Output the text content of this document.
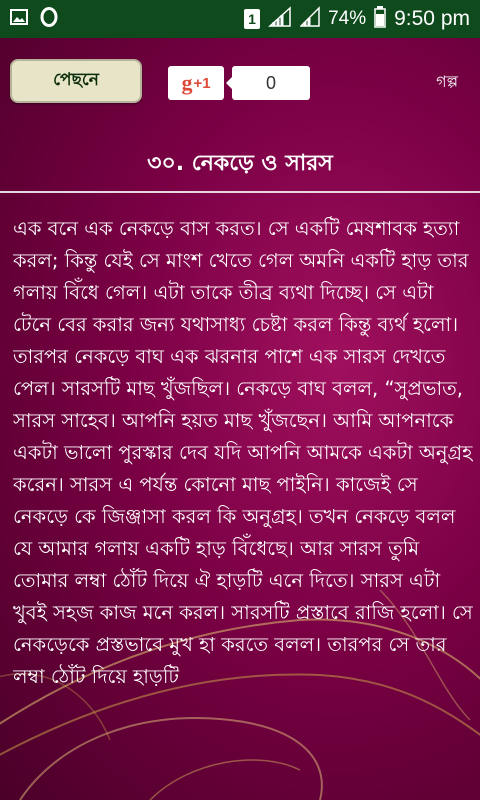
1	74% 9:50 pm
পেছনে	g +1	0	গল্প
৩০. নেকড়ে ও সারস
এক বনে এক নেকড়ে বাস করত। সে একটি মেষশাবক হত্যা করল; কিন্তু যেই সে মাংশ খেতে গেল অমনি একটি হাড় তার গলায় বিঁধে গেল। এটা তাকে তীব্র ব্যথা দিচ্ছে। সে এটা টেনে বের করার জন্য যথাসাধ্য চেষ্টা করল কিন্তু ব্যর্থ হলো। তারপর নেকড়ে বাঘ এক ঝরনার পাশে এক সারস দেখতে পেল। সারসটি মাছ খুঁজছিল। নেকড়ে বাঘ বলল, “সুপ্রভাত, সারস সাহেব। আপনি হয়ত মাছ খুঁজছেন। আমি আপনাকে একটা ভালো পুরস্কার দেব যদি আপনি আমকে একটা অনুগ্রহ করেন। সারস এ পর্যন্ত কোনো মাছ পাইনি। কাজেই সে নেকড়ে কে জিঞ্জাসা করল কি অনুগ্রহ। তখন নেকড়ে বলল যে আমার গলায় একটি হাড় বিঁধেছে। আর সারস তুমি তোমার লম্বা ঠোঁট দিয়ে ঐ হাড়টি এনে দিতে। সারস এটা খুবই সহজ কাজ মনে করল। সারসটি প্রস্তাবে রাজি হলো। সে নেকড়েকে প্রস্তভাবে মুখ হা করতে বলল। তারপর সে তার লম্বা ঠোঁট দিয়ে হাড়টি
